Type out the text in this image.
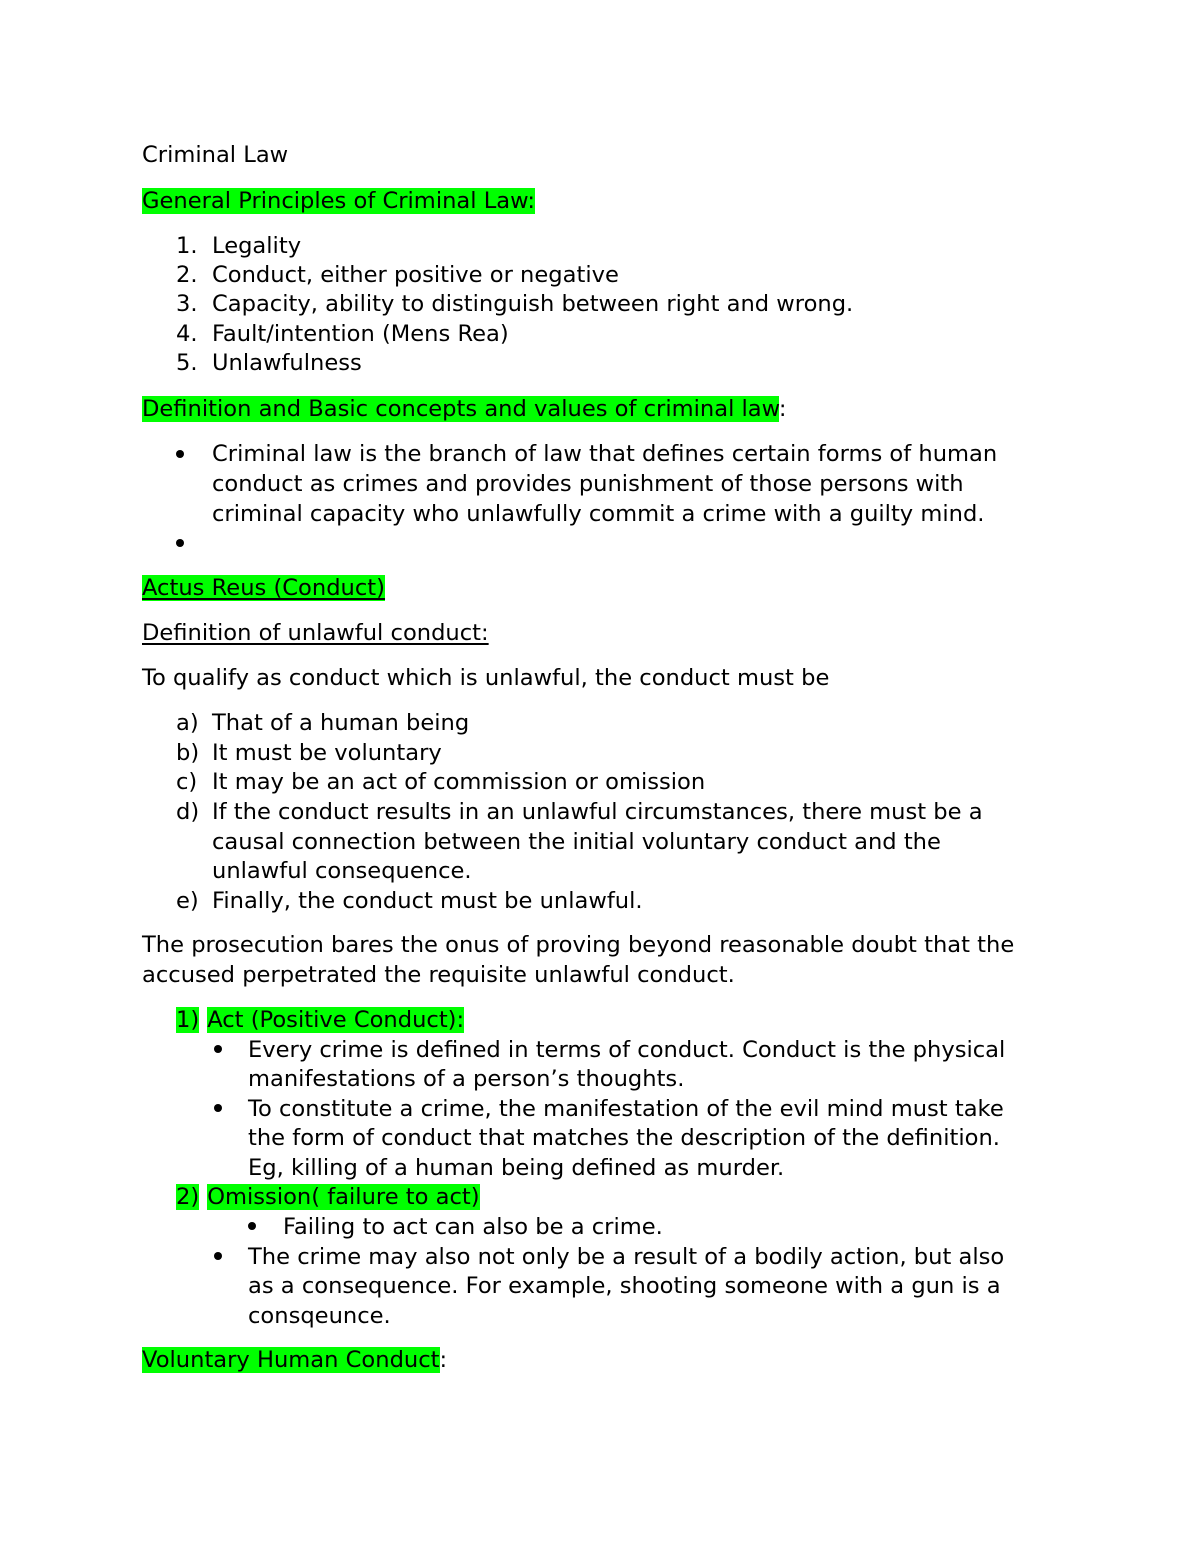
Criminal Law
General Principles of Criminal Law:
1. Legality
2. Conduct, either positive or negative
3. Capacity, ability to distinguish between right and wrong.
4. Fault/intention (Mens Rea)
5. Unlawfulness
Definition and Basic concepts and values of criminal law:
Criminal law is the branch of law that defines certain forms of human
conduct as crimes and provides punishment of those persons with
criminal capacity who unlawfully commit a crime with a guilty mind.
Actus Reus (Conduct)
Definition of unlawful conduct:
To qualify as conduct which is unlawful, the conduct must be
a) That of a human being
b) It must be voluntary
c) It may be an act of commission or omission
d) If the conduct results in an unlawful circumstances, there must be a
causal connection between the initial voluntary conduct and the
unlawful consequence.
e) Finally, the conduct must be unlawful.
The prosecution bares the onus of proving beyond reasonable doubt that the
accused perpetrated the requisite unlawful conduct.
1) Act (Positive Conduct):
Every crime is defined in terms of conduct. Conduct is the physical
manifestations of a person’s thoughts.
To constitute a crime, the manifestation of the evil mind must take
the form of conduct that matches the description of the definition.
Eg, killing of a human being defined as murder.
2) Omission( failure to act)
Failing to act can also be a crime.
The crime may also not only be a result of a bodily action, but also
as a consequence. For example, shooting someone with a gun is a
consqeunce.
Voluntary Human Conduct:
